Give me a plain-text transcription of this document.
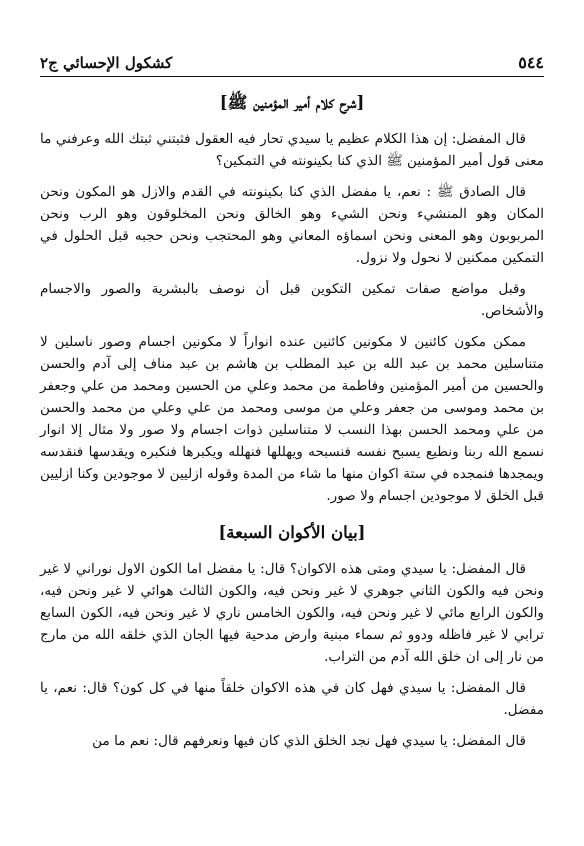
كشكول الإحسائي ج٢	٥٤٤
[شرح كلام أمير المؤمنين ﷺ]

قال المفضل: إن هذا الكلام عظيم يا سيدي تحار فيه العقول فثبتني ثبتك الله وعرفني ما معنى قول أمير المؤمنين ﷺ الذي كنا بكينونته في التمكين؟

قال الصادق ﷺ : نعم، يا مفضل الذي كنا بكينونته في القدم والازل هو المكون ونحن المكان وهو المنشيء ونحن الشيء وهو الخالق ونحن المخلوقون وهو الرب ونحن المربوبون وهو المعنى ونحن اسماؤه المعاني وهو المحتجب ونحن حجبه قبل الحلول في التمكين ممكنين لا نحول ولا نزول.

وقبل مواضع صفات تمكين التكوين قبل أن نوصف بالبشرية والصور والاجسام والأشخاص.

ممكن مكون كائنين لا مكونين كائنين عنده انواراً لا مكونين اجسام وصور ناسلين لا متناسلين محمد بن عبد الله بن عبد المطلب بن هاشم بن عبد مناف إلى آدم والحسن والحسين من أمير المؤمنين وفاطمة من محمد وعلي من الحسين ومحمد من علي وجعفر بن محمد وموسى من جعفر وعلي من موسى ومحمد من علي وعلي من محمد والحسن من علي ومحمد الحسن بهذا النسب لا متناسلين ذوات اجسام ولا صور ولا مثال إلا انوار نسمع الله ربنا ونطيع يسبح نفسه فنسبحه ويهللها فنهلله ويكبرها فنكبره ويقدسها فنقدسه ويمجدها فنمجده في ستة اكوان منها ما شاء من المدة وقوله ازليين لا موجودين وكنا ازليين قبل الخلق لا موجودين اجسام ولا صور.

[بيان الأكوان السبعة]

قال المفضل: يا سيدي ومتى هذه الاكوان؟ قال: يا مفضل اما الكون الاول نوراني لا غير ونحن فيه والكون الثاني جوهري لا غير ونحن فيه، والكون الثالث هوائي لا غير ونحن فيه، والكون الرابع مائي لا غير ونحن فيه، والكون الخامس ناري لا غير ونحن فيه، الكون السابع ترابي لا غير فاظله ودوو ثم سماء مبنية وارض مدحية فيها الجان الذي خلقه الله من مارج من نار إلى ان خلق الله آدم من التراب.

قال المفضل: يا سيدي فهل كان في هذه الاكوان خلقاً منها في كل كون؟ قال: نعم، يا مفضل.

قال المفضل: يا سيدي فهل نجد الخلق الذي كان فيها ونعرفهم قال: نعم ما من
